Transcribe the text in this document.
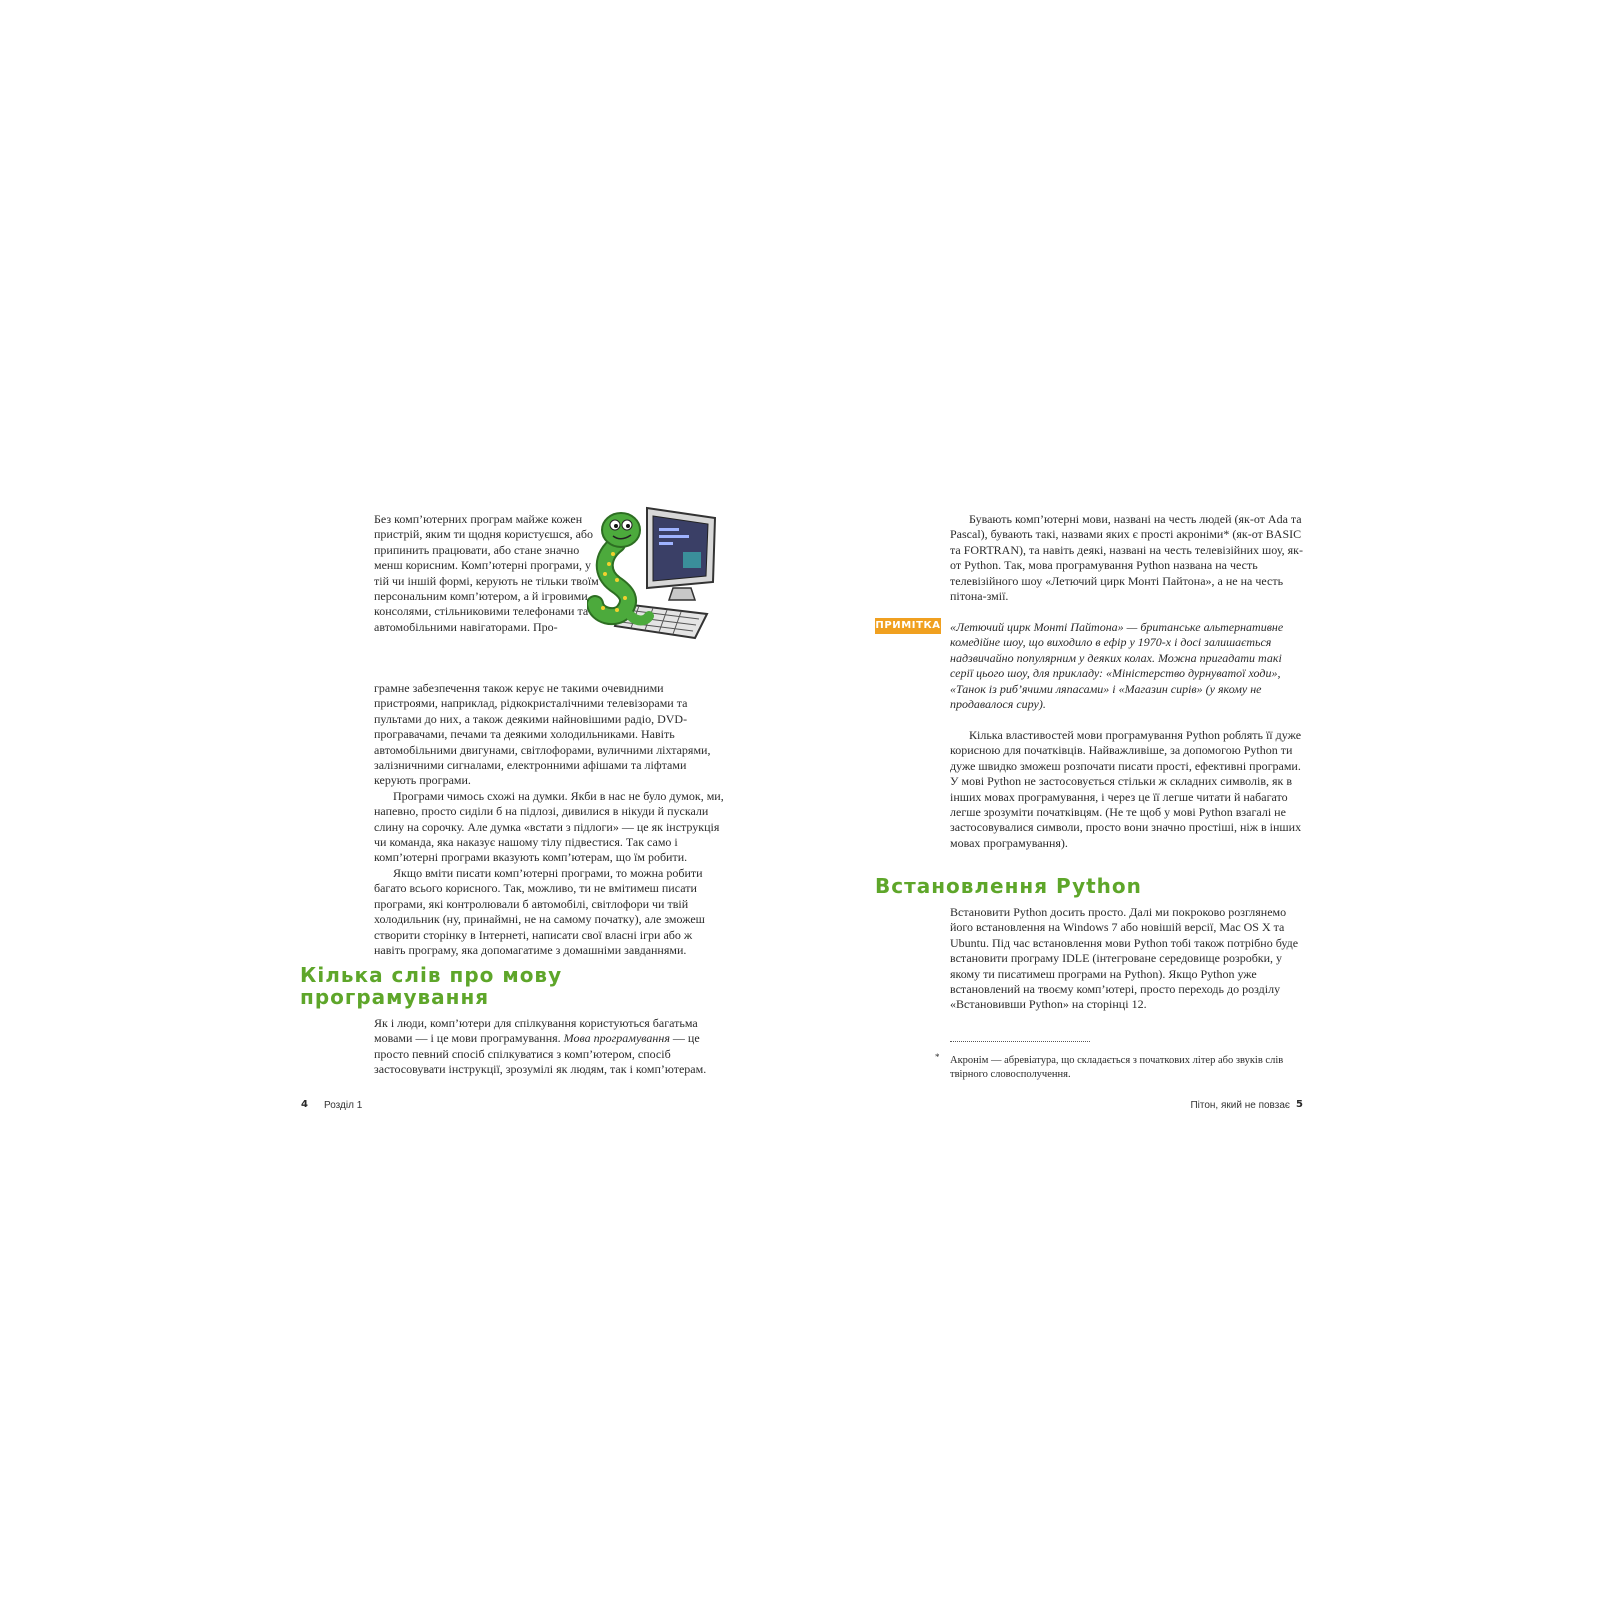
Без комп’ютерних програм майже кожен пристрій, яким ти щодня користуєшся, або припинить працювати, або стане значно менш корисним. Комп’ютерні програми, у тій чи іншій формі, керують не тільки твоїм персональним комп’ютером, а й ігровими консолями, стільниковими телефонами та автомобільними навігаторами. Про-

грамне забезпечення також керує не такими очевидними пристроями, наприклад, рідкокристалічними телевізорами та пультами до них, а також деякими найновішими радіо, DVD-програвачами, печами та деякими холодильниками. Навіть автомобільними двигунами, світлофорами, вуличними ліхтарями, залізничними сигналами, електронними афішами та ліфтами керують програми.

Програми чимось схожі на думки. Якби в нас не було думок, ми, напевно, просто сиділи б на підлозі, дивилися в нікуди й пускали слину на сорочку. Але думка «встати з підлоги» — це як інструкція чи команда, яка наказує нашому тілу підвестися. Так само і комп’ютерні програми вказують комп’ютерам, що їм робити.

Якщо вміти писати комп’ютерні програми, то можна робити багато всього корисного. Так, можливо, ти не вмітимеш писати програми, які контролювали б автомобілі, світлофори чи твій холодильник (ну, принаймні, не на самому початку), але зможеш створити сторінку в Інтернеті, написати свої власні ігри або ж навіть програму, яка допомагатиме з домашніми завданнями.

Кілька слів про мову програмування

Як і люди, комп’ютери для спілкування користуються багатьма мовами — і це мови програмування. Мова програмування — це просто певний спосіб спілкуватися з комп’ютером, спосіб застосовувати інструкції, зрозумілі як людям, так і комп’ютерам.

4 Розділ 1

Бувають комп’ютерні мови, названі на честь людей (як-от Ada та Pascal), бувають такі, назвами яких є прості акроніми* (як-от BASIC та FORTRAN), та навіть деякі, названі на честь телевізійних шоу, як-от Python. Так, мова програмування Python названа на честь телевізійного шоу «Летючий цирк Монті Пайтона», а не на честь пітона-змії.

ПРИМІТКА «Летючий цирк Монті Пайтона» — британське альтернативне комедійне шоу, що виходило в ефір у 1970-х і досі залишається надзвичайно популярним у деяких колах. Можна пригадати такі серії цього шоу, для прикладу: «Міністерство дурнуватої ходи», «Танок із риб’ячими ляпасами» і «Магазин сирів» (у якому не продавалося сиру).

Кілька властивостей мови програмування Python роблять її дуже корисною для початківців. Найважливіше, за допомогою Python ти дуже швидко зможеш розпочати писати прості, ефективні програми. У мові Python не застосовується стільки ж складних символів, як в інших мовах програмування, і через це її легше читати й набагато легше зрозуміти початківцям. (Не те щоб у мові Python взагалі не застосовувалися символи, просто вони значно простіші, ніж в інших мовах програмування).

Встановлення Python

Встановити Python досить просто. Далі ми покроково розглянемо його встановлення на Windows 7 або новішій версії, Mac OS X та Ubuntu. Під час встановлення мови Python тобі також потрібно буде встановити програму IDLE (інтегроване середовище розробки, у якому ти писатимеш програми на Python). Якщо Python уже встановлений на твоєму комп’ютері, просто переходь до розділу «Встановивши Python» на сторінці 12.

* Акронім — абревіатура, що складається з початкових літер або звуків слів твірного словосполучення.
Пітон, який не повзає 5
